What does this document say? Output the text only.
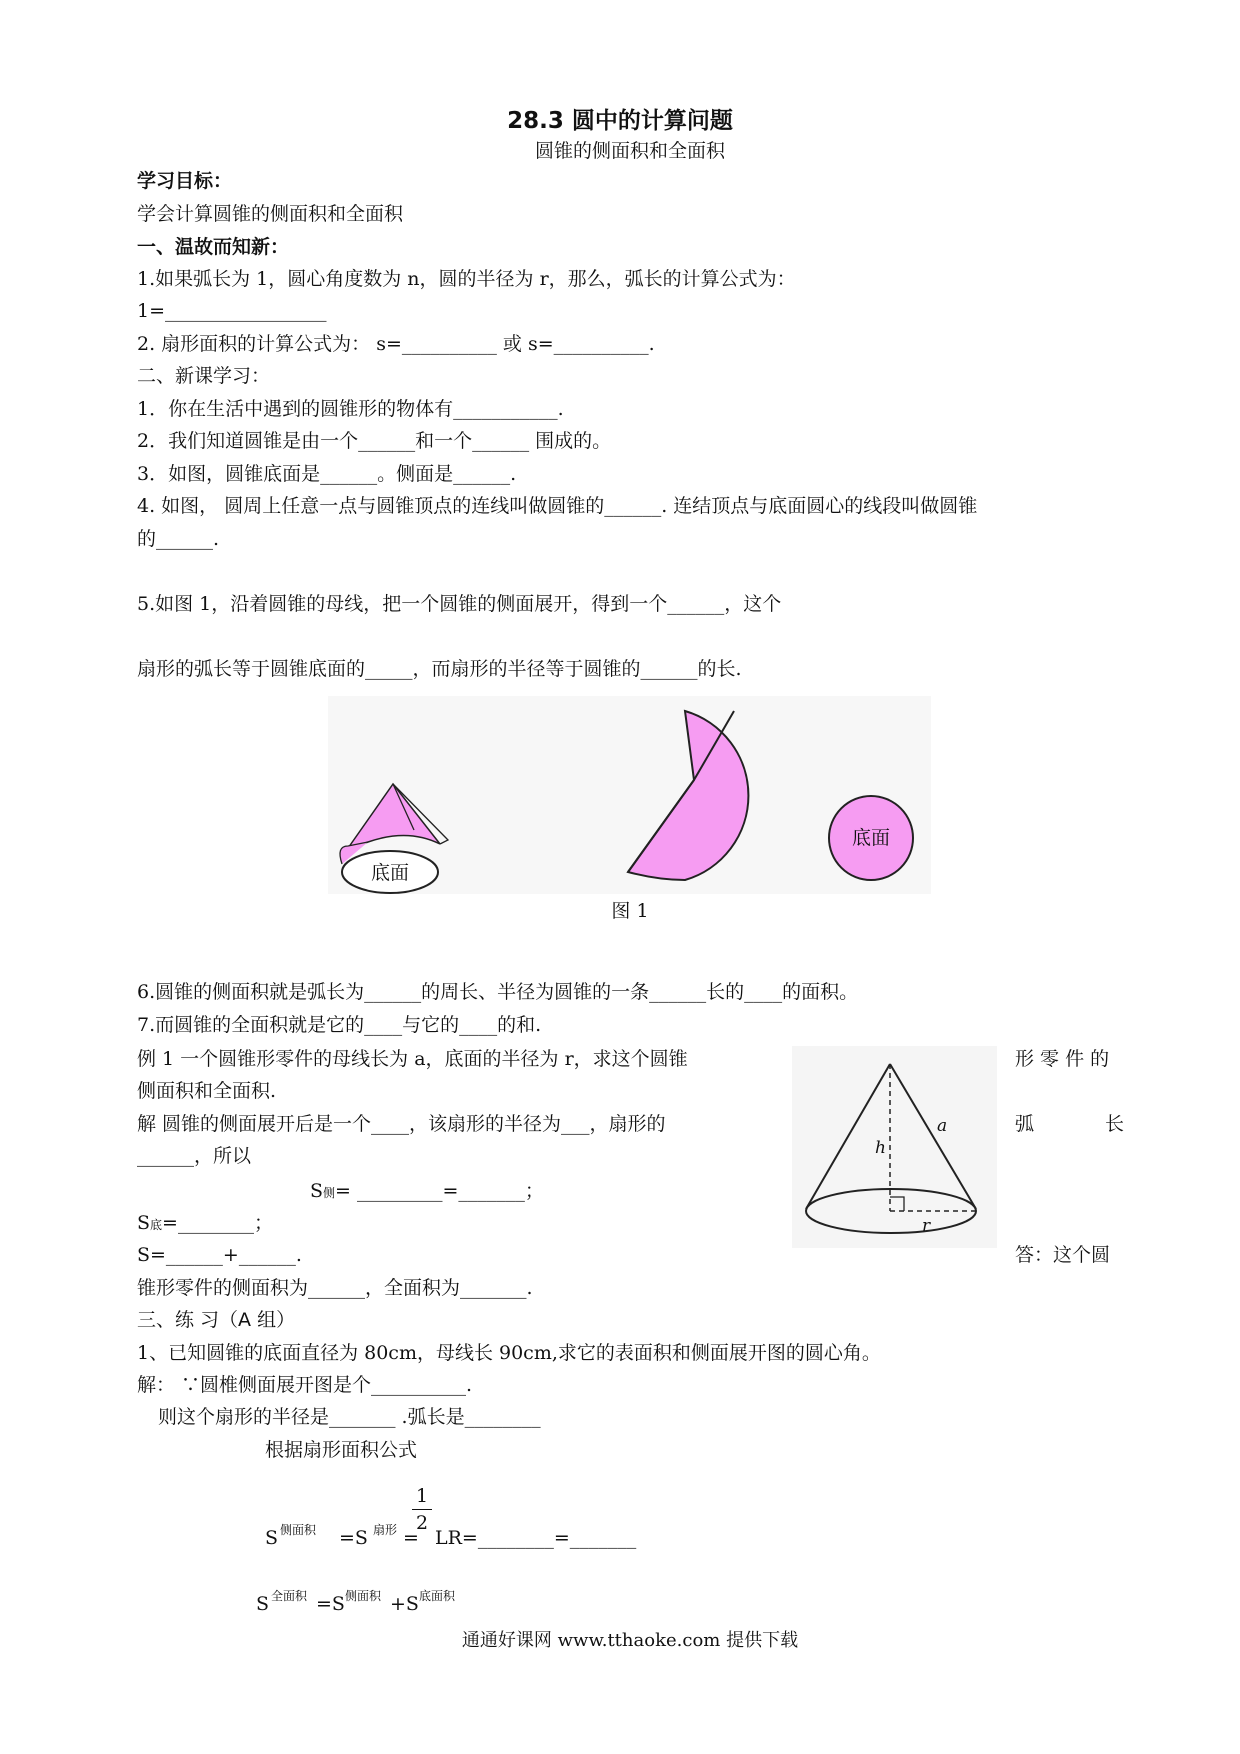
28.3 圆中的计算问题
圆锥的侧面积和全面积
学习目标：
学会计算圆锥的侧面积和全面积
一、温故而知新：
1.如果弧长为 1，圆心角度数为 n，圆的半径为 r，那么，弧长的计算公式为：
1=_________________
2. 扇形面积的计算公式为： s=__________ 或 s=__________.
二、新课学习：
1．你在生活中遇到的圆锥形的物体有___________.
2．我们知道圆锥是由一个______和一个______ 围成的。
3．如图，圆锥底面是______。侧面是______.
4. 如图， 圆周上任意一点与圆锥顶点的连线叫做圆锥的______. 连结顶点与底面圆心的线段叫做圆锥
的______.
5.如图 1，沿着圆锥的母线，把一个圆锥的侧面展开，得到一个______，这个
扇形的弧长等于圆锥底面的_____，而扇形的半径等于圆锥的______的长.
底面
底面
图 1
6.圆锥的侧面积就是弧长为______的周长、半径为圆锥的一条______长的____的面积。
7.而圆锥的全面积就是它的____与它的____的和.
例 1 一个圆锥形零件的母线长为 a，底面的半径为 r，求这个圆锥	形 零 件 的
侧面积和全面积.
解 圆锥的侧面展开后是一个____，该扇形的半径为___，扇形的	弧	长
______，所以
S侧= _________=_______；
S底=________；
S=______+______.	答：这个圆
锥形零件的侧面积为______，全面积为_______.
a
h
r
三、练 习（A 组）
1、已知圆锥的底面直径为 80cm，母线长 90cm,求它的表面积和侧面展开图的圆心角。
解： ∵圆椎侧面展开图是个__________.
则这个扇形的半径是_______ .弧长是________
根据扇形面积公式
S 侧面积 =S 扇形 =
$\frac{1}{2}$
LR=________=_______
S 全面积 =S 侧面积 +S 底面积
通通好课网 www.tthaoke.com 提供下载
